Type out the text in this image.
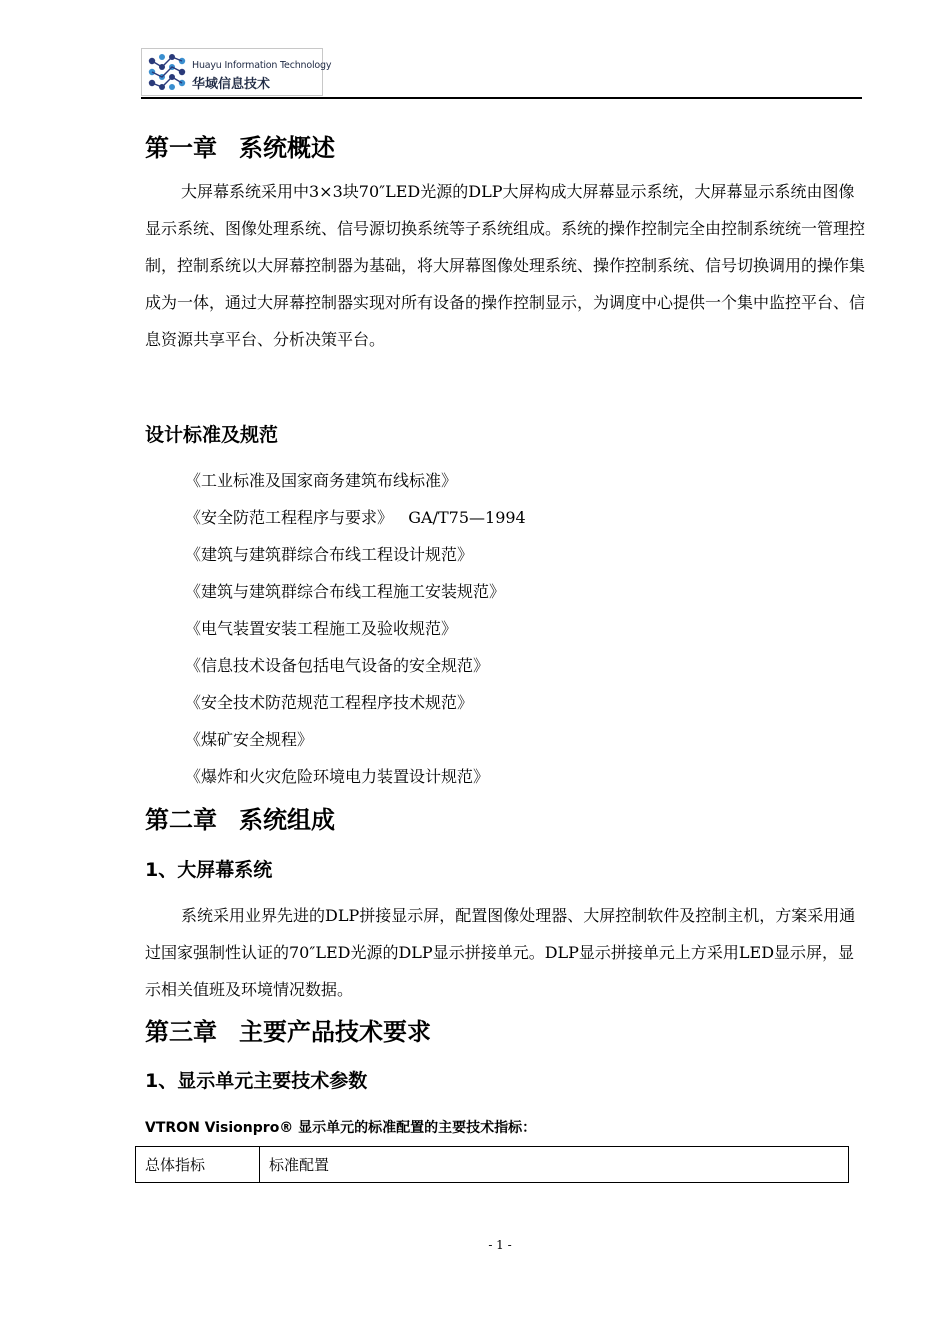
Huayu Information Technology
华域信息技术
第一章 系统概述

大屏幕系统采用中3×3块70″LED光源的DLP大屏构成大屏幕显示系统，大屏幕显示系统由图像显示系统、图像处理系统、信号源切换系统等子系统组成。系统的操作控制完全由控制系统统一管理控制，控制系统以大屏幕控制器为基础，将大屏幕图像处理系统、操作控制系统、信号切换调用的操作集成为一体，通过大屏幕控制器实现对所有设备的操作控制显示，为调度中心提供一个集中监控平台、信息资源共享平台、分析决策平台。

设计标准及规范
《工业标准及国家商务建筑布线标准》
《安全防范工程程序与要求》   GA/T75—1994
《建筑与建筑群综合布线工程设计规范》
《建筑与建筑群综合布线工程施工安装规范》
《电气装置安装工程施工及验收规范》
《信息技术设备包括电气设备的安全规范》
《安全技术防范规范工程程序技术规范》
《煤矿安全规程》
《爆炸和火灾危险环境电力装置设计规范》
第二章 系统组成
1、大屏幕系统

系统采用业界先进的DLP拼接显示屏，配置图像处理器、大屏控制软件及控制主机，方案采用通过国家强制性认证的70″LED光源的DLP显示拼接单元。DLP显示拼接单元上方采用LED显示屏，显示相关值班及环境情况数据。

第三章 主要产品技术要求
1、显示单元主要技术参数

VTRON Visionpro® 显示单元的标准配置的主要技术指标：

总体指标	标准配置
- 1 -
